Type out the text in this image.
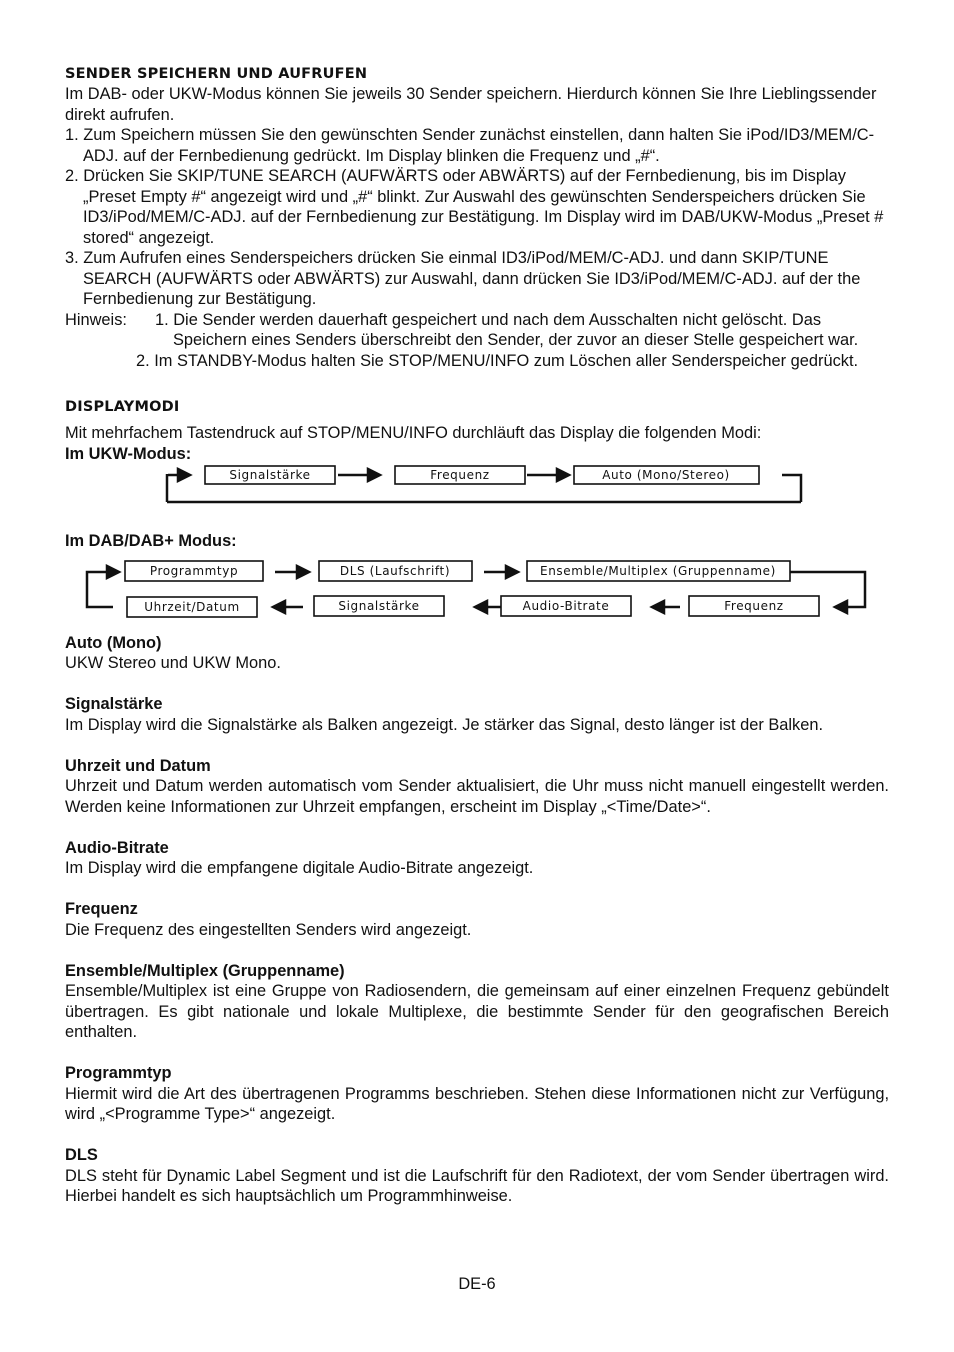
SENDER SPEICHERN UND AUFRUFEN

Im DAB- oder UKW-Modus können Sie jeweils 30 Sender speichern. Hierdurch können Sie Ihre Lieblingssender direkt aufrufen.

1. Zum Speichern müssen Sie den gewünschten Sender zunächst einstellen, dann halten Sie iPod/ID3/MEM/C-ADJ. auf der Fernbedienung gedrückt. Im Display blinken die Frequenz und „#“.

2. Drücken Sie SKIP/TUNE SEARCH (AUFWÄRTS oder ABWÄRTS) auf der Fernbedienung, bis im Display „Preset Empty #“ angezeigt wird und „#“ blinkt. Zur Auswahl des gewünschten Senderspeichers drücken Sie ID3/iPod/MEM/C-ADJ. auf der Fernbedienung zur Bestätigung. Im Display wird im DAB/UKW-Modus „Preset # stored“ angezeigt.

3. Zum Aufrufen eines Senderspeichers drücken Sie einmal ID3/iPod/MEM/C-ADJ. und dann SKIP/TUNE SEARCH (AUFWÄRTS oder ABWÄRTS) zur Auswahl, dann drücken Sie ID3/iPod/MEM/C-ADJ. auf der the Fernbedienung zur Bestätigung.

Hinweis: 1. Die Sender werden dauerhaft gespeichert und nach dem Ausschalten nicht gelöscht. Das Speichern eines Senders überschreibt den Sender, der zuvor an dieser Stelle gespeichert war.

2. Im STANDBY-Modus halten Sie STOP/MENU/INFO zum Löschen aller Senderspeicher gedrückt.

DISPLAYMODI

Mit mehrfachem Tastendruck auf STOP/MENU/INFO durchläuft das Display die folgenden Modi:

Im UKW-Modus:

Signalstärke	Frequenz	Auto (Mono/Stereo)

Im DAB/DAB+ Modus:

Programmtyp	DLS (Laufschrift)	Ensemble/Multiplex (Gruppenname)
Uhrzeit/Datum	Signalstärke	Audio-Bitrate	Frequenz

Auto (Mono)

UKW Stereo und UKW Mono.

Signalstärke

Im Display wird die Signalstärke als Balken angezeigt. Je stärker das Signal, desto länger ist der Balken.

Uhrzeit und Datum

Uhrzeit und Datum werden automatisch vom Sender aktualisiert, die Uhr muss nicht manuell eingestellt werden. Werden keine Informationen zur Uhrzeit empfangen, erscheint im Display „<Time/Date>“.

Audio-Bitrate

Im Display wird die empfangene digitale Audio-Bitrate angezeigt.

Frequenz

Die Frequenz des eingestellten Senders wird angezeigt.

Ensemble/Multiplex (Gruppenname)

Ensemble/Multiplex ist eine Gruppe von Radiosendern, die gemeinsam auf einer einzelnen Frequenz gebündelt übertragen. Es gibt nationale und lokale Multiplexe, die bestimmte Sender für den geografischen Bereich enthalten.

Programmtyp

Hiermit wird die Art des übertragenen Programms beschrieben. Stehen diese Informationen nicht zur Verfügung, wird „<Programme Type>“ angezeigt.

DLS

DLS steht für Dynamic Label Segment und ist die Laufschrift für den Radiotext, der vom Sender übertragen wird. Hierbei handelt es sich hauptsächlich um Programmhinweise.

DE-6
